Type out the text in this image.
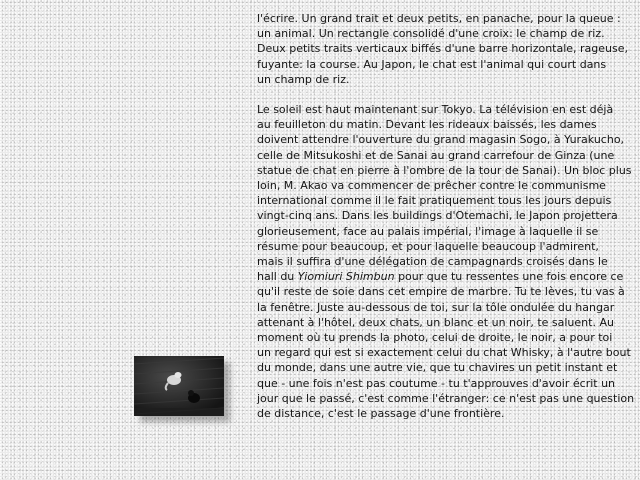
l'écrire. Un grand trait et deux petits, en panache, pour la queue :
un animal. Un rectangle consolidé d'une croix: le champ de riz.
Deux petits traits verticaux biffés d'une barre horizontale, rageuse,
fuyante: la course. Au Japon, le chat est l'animal qui court dans
un champ de riz.

Le soleil est haut maintenant sur Tokyo. La télévision en est déjà
au feuilleton du matin. Devant les rideaux baissés, les dames
doivent attendre l'ouverture du grand magasin Sogo, à Yurakucho,
celle de Mitsukoshi et de Sanai au grand carrefour de Ginza (une
statue de chat en pierre à l'ombre de la tour de Sanai). Un bloc plus
loin, M. Akao va commencer de prêcher contre le communisme
international comme il le fait pratiquement tous les jours depuis
vingt-cinq ans. Dans les buildings d'Otemachi, le Japon projettera
glorieusement, face au palais impérial, l'image à laquelle il se
résume pour beaucoup, et pour laquelle beaucoup l'admirent,
mais il suffira d'une délégation de campagnards croisés dans le
hall du Yiomiuri Shimbun pour que tu ressentes une fois encore ce
qu'il reste de soie dans cet empire de marbre. Tu te lèves, tu vas à
la fenêtre. Juste au-dessous de toi, sur la tôle ondulée du hangar
attenant à l'hôtel, deux chats, un blanc et un noir, te saluent. Au
moment où tu prends la photo, celui de droite, le noir, a pour toi
un regard qui est si exactement celui du chat Whisky, à l'autre bout
du monde, dans une autre vie, que tu chavires un petit instant et
que - une fois n'est pas coutume - tu t'approuves d'avoir écrit un
jour que le passé, c'est comme l'étranger: ce n'est pas une question
de distance, c'est le passage d'une frontière.
